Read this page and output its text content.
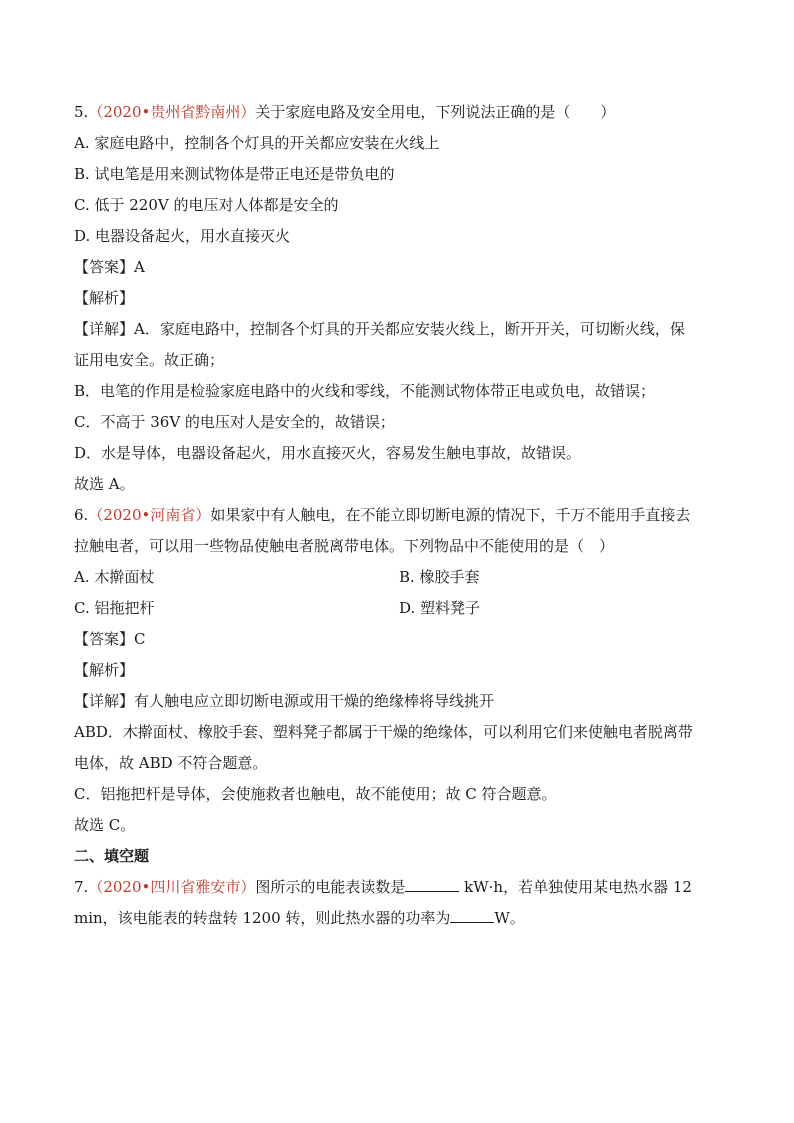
5.（2020•贵州省黔南州）关于家庭电路及安全用电，下列说法正确的是（　　）
A. 家庭电路中，控制各个灯具的开关都应安装在火线上
B. 试电笔是用来测试物体是带正电还是带负电的
C. 低于 220V 的电压对人体都是安全的
D. 电器设备起火，用水直接灭火
【答案】A
【解析】
【详解】A．家庭电路中，控制各个灯具的开关都应安装火线上，断开开关，可切断火线，保
证用电安全。故正确；
B．电笔的作用是检验家庭电路中的火线和零线，不能测试物体带正电或负电，故错误；
C．不高于 36V 的电压对人是安全的，故错误；
D．水是导体，电器设备起火，用水直接灭火，容易发生触电事故，故错误。
故选 A。
6.（2020•河南省）如果家中有人触电，在不能立即切断电源的情况下，千万不能用手直接去
拉触电者，可以用一些物品使触电者脱离带电体。下列物品中不能使用的是（　）
A. 木擀面杖	B. 橡胶手套
C. 铝拖把杆	D. 塑料凳子
【答案】C
【解析】
【详解】有人触电应立即切断电源或用干燥的绝缘棒将导线挑开
ABD．木擀面杖、橡胶手套、塑料凳子都属于干燥的绝缘体，可以利用它们来使触电者脱离带
电体，故 ABD 不符合题意。
C．铝拖把杆是导体，会使施救者也触电，故不能使用；故 C 符合题意。
故选 C。
二、填空题
7.（2020•四川省雅安市）图所示的电能表读数是	kW·h，若单独使用某电热水器 12
min，该电能表的转盘转 1200 转，则此热水器的功率为	W。
